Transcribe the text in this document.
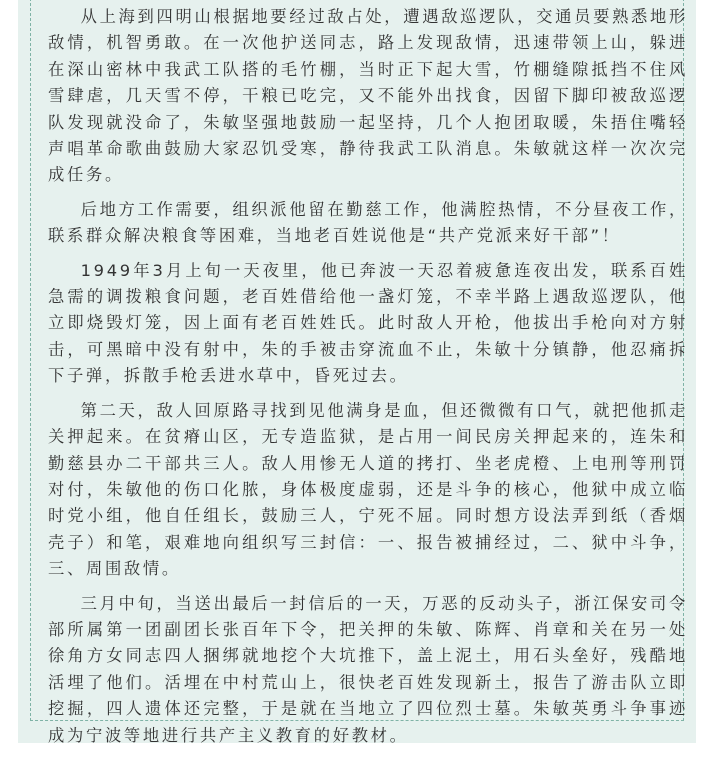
从上海到四明山根据地要经过敌占处，遭遇敌巡逻队，交通员要熟悉地形敌情，机智勇敢。在一次他护送同志，路上发现敌情，迅速带领上山，躲进在深山密林中我武工队搭的毛竹棚，当时正下起大雪，竹棚缝隙抵挡不住风雪肆虐，几天雪不停，干粮已吃完，又不能外出找食，因留下脚印被敌巡逻队发现就没命了，朱敏坚强地鼓励一起坚持，几个人抱团取暖，朱捂住嘴轻声唱革命歌曲鼓励大家忍饥受寒，静待我武工队消息。朱敏就这样一次次完成任务。

后地方工作需要，组织派他留在勤慈工作，他满腔热情，不分昼夜工作，联系群众解决粮食等困难，当地老百姓说他是“共产党派来好干部”！

1949年3月上旬一天夜里，他已奔波一天忍着疲惫连夜出发，联系百姓急需的调拨粮食问题，老百姓借给他一盏灯笼，不幸半路上遇敌巡逻队，他立即烧毁灯笼，因上面有老百姓姓氏。此时敌人开枪，他拔出手枪向对方射击，可黑暗中没有射中，朱的手被击穿流血不止，朱敏十分镇静，他忍痛拆下子弹，拆散手枪丢进水草中，昏死过去。

第二天，敌人回原路寻找到见他满身是血，但还微微有口气，就把他抓走关押起来。在贫瘠山区，无专造监狱，是占用一间民房关押起来的，连朱和勤慈县办二干部共三人。敌人用惨无人道的拷打、坐老虎橙、上电刑等刑罚对付，朱敏他的伤口化脓，身体极度虚弱，还是斗争的核心，他狱中成立临时党小组，他自任组长，鼓励三人，宁死不屈。同时想方设法弄到纸（香烟壳子）和笔，艰难地向组织写三封信：一、报告被捕经过，二、狱中斗争，三、周围敌情。

三月中旬，当送出最后一封信后的一天，万恶的反动头子，浙江保安司令部所属第一团副团长张百年下令，把关押的朱敏、陈辉、肖章和关在另一处徐角方女同志四人捆绑就地挖个大坑推下，盖上泥土，用石头垒好，残酷地活埋了他们。活埋在中村荒山上，很快老百姓发现新土，报告了游击队立即挖掘，四人遗体还完整，于是就在当地立了四位烈士墓。朱敏英勇斗争事迹成为宁波等地进行共产主义教育的好教材。
